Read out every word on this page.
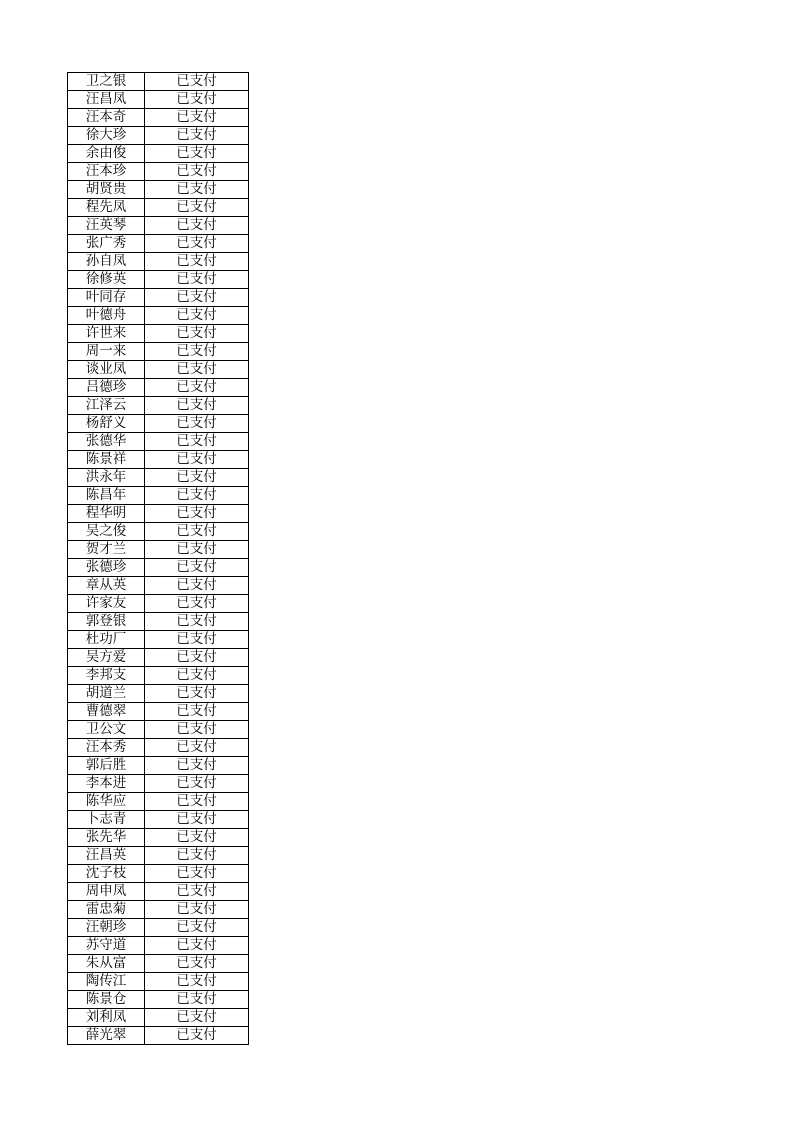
卫之银	已支付
汪昌凤	已支付
汪本奇	已支付
徐大珍	已支付
余由俊	已支付
汪本珍	已支付
胡贤贵	已支付
程先凤	已支付
汪英琴	已支付
张广秀	已支付
孙自凤	已支付
徐修英	已支付
叶同存	已支付
叶德舟	已支付
许世来	已支付
周一来	已支付
谈业凤	已支付
吕德珍	已支付
江泽云	已支付
杨舒义	已支付
张德华	已支付
陈景祥	已支付
洪永年	已支付
陈昌年	已支付
程华明	已支付
吴之俊	已支付
贺才兰	已支付
张德珍	已支付
章从英	已支付
许家友	已支付
郭登银	已支付
杜功厂	已支付
吴方爱	已支付
李邦支	已支付
胡道兰	已支付
曹德翠	已支付
卫公文	已支付
汪本秀	已支付
郭后胜	已支付
李本进	已支付
陈华应	已支付
卜志青	已支付
张先华	已支付
汪昌英	已支付
沈子枝	已支付
周申凤	已支付
雷忠菊	已支付
汪朝珍	已支付
苏守道	已支付
朱从富	已支付
陶传江	已支付
陈景仓	已支付
刘利凤	已支付
薛光翠	已支付
